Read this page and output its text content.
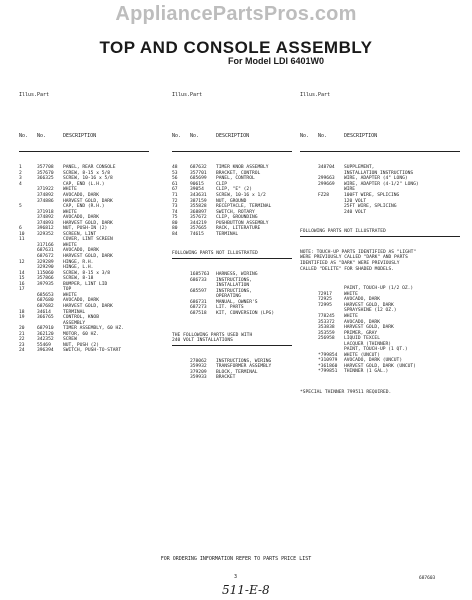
AppliancePartsPros.com
TOP AND CONSOLE ASSEMBLY
For Model LDI 6401W0

Illus. Part

No.	No.	DESCRIPTION

1	357708	PANEL, REAR CONSOLE
2	357670	SCREW, 8-15 x 5/8
3	366325	SCREW, 10-16 x 5/8
4	CAP, END (L.H.)
371922	WHITE
374892	AVOCADO, DARK
374886	HARVEST GOLD, DARK
5	CAP, END (R.H.)
371918	WHITE
374892	AVOCADO, DARK
374893	HARVEST GOLD, DARK
6	396812	NUT, PUSH-IN (2)
10	329352	SCREEN, LINT
11	COVER, LINT SCREEN
317166	WHITE
687631	AVOCADO, DARK
687672	HARVEST GOLD, DARK
12	329289	HINGE, R.H.
329290	HINGE, L.H.
14	115060	SCREW, 8-15 x 3/8
15	357866	SCREW, 8-18
16	397935	BUMPER, LINT LID
17	TOP
685653	WHITE
687680	AVOCADO, DARK
687682	HARVEST GOLD, DARK
18	34614	TERMINAL
19	366765	CONTROL, KNOB
ASSEMBLY
20	687910	TIMER ASSEMBLY, 60 HZ.
21	362120	MOTOR, 60 HZ.
22	342352	SCREW
23	55469	NUT, PUSH (2)
24	396394	SWITCH, PUSH-TO-START

Illus. Part

No.	No.	DESCRIPTION

48	687632	TIMER KNOB ASSEMBLY
53	357701	BRACKET, CONTROL
56	685699	PANEL, CONTROL
61	90615	CLIP
67	39054	CLIP, "E" (2)
71	343631	SCREW, 10-16 x 1/2
72	387159	NUT, GROUND
73	355828	RECEPTACLE, TERMINAL
74	368897	SWITCH, ROTARY
75	357672	CLIP, GROUNDING
80	344219	PUSHBUTTON ASSEMBLY
80	357665	RACK, LITERATURE
84	74615	TERMINAL

FOLLOWING PARTS NOT ILLUSTRATED

1685763	HARNESS, WIRING
686733	INSTRUCTIONS,
INSTALLATION
685597	INSTRUCTIONS,
OPERATING
686731	MANUAL, OWNER'S
687273	LIT. PARTS
687518	KIT, CONVERSION (LPG)

THE FOLLOWING PARTS USED WITH
240 VOLT INSTALLATIONS

278062	INSTRUCTIONS, WIRING
359932	TRANSFORMER ASSEMBLY
379209	BLOCK, TERMINAL
359933	BRACKET

Illus. Part

No.	No.	DESCRIPTION

348704	SUPPLEMENT,
INSTALLATION INSTRUCTIONS
299663	WIRE, ADAPTER (4" LONG)
299669	WIRE, ADAPTER (4-1/2" LONG)
WIRE
FZ28	100FT WIRE, SPLICING
120 VOLT
25FT WIRE, SPLICING
240 VOLT

FOLLOWING PARTS NOT ILLUSTRATED

NOTE: TOUCH-UP PARTS IDENTIFIED AS "LIGHT"
WERE PREVIOUSLY CALLED "DARK" AND PARTS
IDENTIFIED AS "DARK" WERE PREVIOUSLY
CALLED "DELITE" FOR SHADED MODELS.

PAINT, TOUCH-UP (1/2 OZ.)
72917	WHITE
72925	AVOCADO, DARK
72995	HARVEST GOLD, DARK
SPRAYSHINE (12 OZ.)
778245	WHITE
353372	AVOCADO, DARK
353838	HARVEST GOLD, DARK
353559	PRIMER, GRAY
256958	LIQUID TEXCEL
LACQUER (THINNER)
PAINT, TOUCH-UP (1 QT.)
*799854	WHITE (UNCUT)
*310979	AVOCADO, DARK (UNCUT)
*361860	HARVEST GOLD, DARK (UNCUT)
*799851	THINNER (1 GAL.)

*SPECIAL THINNER 799511 REQUIRED.

FOR ORDERING INFORMATION REFER TO PARTS PRICE LIST
3	687603
511-E-8
